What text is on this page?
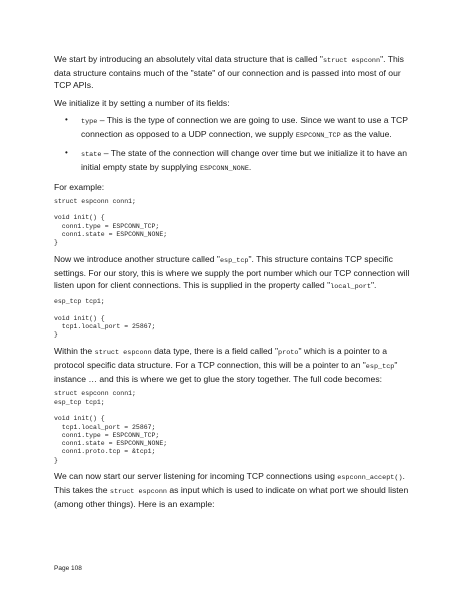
We start by introducing an absolutely vital data structure that is called "struct espconn". This data structure contains much of the "state" of our connection and is passed into most of our TCP APIs.

We initialize it by setting a number of its fields:

• type – This is the type of connection we are going to use. Since we want to use a TCP connection as opposed to a UDP connection, we supply ESPCONN_TCP as the value.
• state – The state of the connection will change over time but we initialize it to have an initial empty state by supplying ESPCONN_NONE.

For example:

struct espconn conn1;

void init() {
conn1.type = ESPCONN_TCP;
conn1.state = ESPCONN_NONE;
}

Now we introduce another structure called "esp_tcp". This structure contains TCP specific settings. For our story, this is where we supply the port number which our TCP connection will listen upon for client connections. This is supplied in the property called "local_port".

esp_tcp tcp1;

void init() {
tcp1.local_port = 25867;
}

Within the struct espconn data type, there is a field called "proto" which is a pointer to a protocol specific data structure. For a TCP connection, this will be a pointer to an "esp_tcp" instance … and this is where we get to glue the story together. The full code becomes:

struct espconn conn1;
esp_tcp tcp1;

void init() {
tcp1.local_port = 25867;
conn1.type = ESPCONN_TCP;
conn1.state = ESPCONN_NONE;
conn1.proto.tcp = &tcp1;
}

We can now start our server listening for incoming TCP connections using espconn_accept(). This takes the struct espconn as input which is used to indicate on what port we should listen (among other things). Here is an example:

Page 108
